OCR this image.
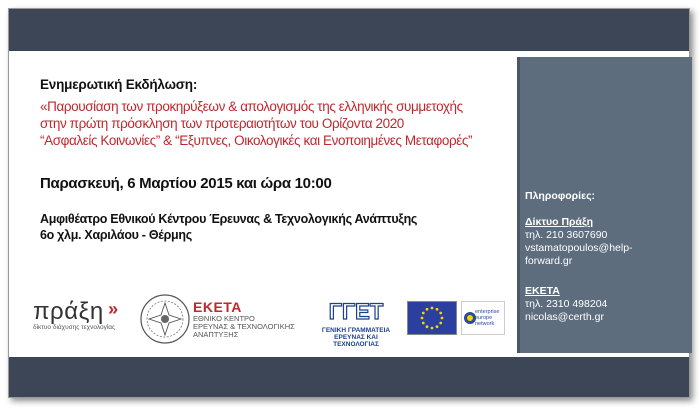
Ενημερωτική Εκδήλωση:
«Παρουσίαση των προκηρύξεων & απολογισμός της ελληνικής συμμετοχής
στην πρώτη πρόσκληση των προτεραιοτήτων του Ορίζοντα 2020
“Ασφαλείς Κοινωνίες” & “Εξυπνες, Οικολογικές και Ενοποιημένες Μεταφορές”
Παρασκευή, 6 Μαρτίου 2015 και ώρα 10:00
Αμφιθέατρο Εθνικού Κέντρου Έρευνας & Τεχνολογικής Ανάπτυξης
6ο χλμ. Χαριλάου - Θέρμης
πράξη »
δίκτυο διάχυσης τεχνολογίας
ΕΚΕΤΑ
ΕΘΝΙΚΟ ΚΕΝΤΡΟ
ΕΡΕΥΝΑΣ & ΤΕΧΝΟΛΟΓΙΚΗΣ
ΑΝΑΠΤΥΞΗΣ
ΓΓΕΤ
ΓΕΝΙΚΗ ΓΡΑΜΜΑΤΕΙΑ
ΕΡΕΥΝΑΣ ΚΑΙ ΤΕΧΝΟΛΟΓΙΑΣ
enterprise
europe
network
Πληροφορίες:
Δίκτυο Πράξη
τηλ. 210 3607690
vstamatopoulos@help-
forward.gr
ΕΚΕΤΑ
τηλ. 2310 498204
nicolas@certh.gr
